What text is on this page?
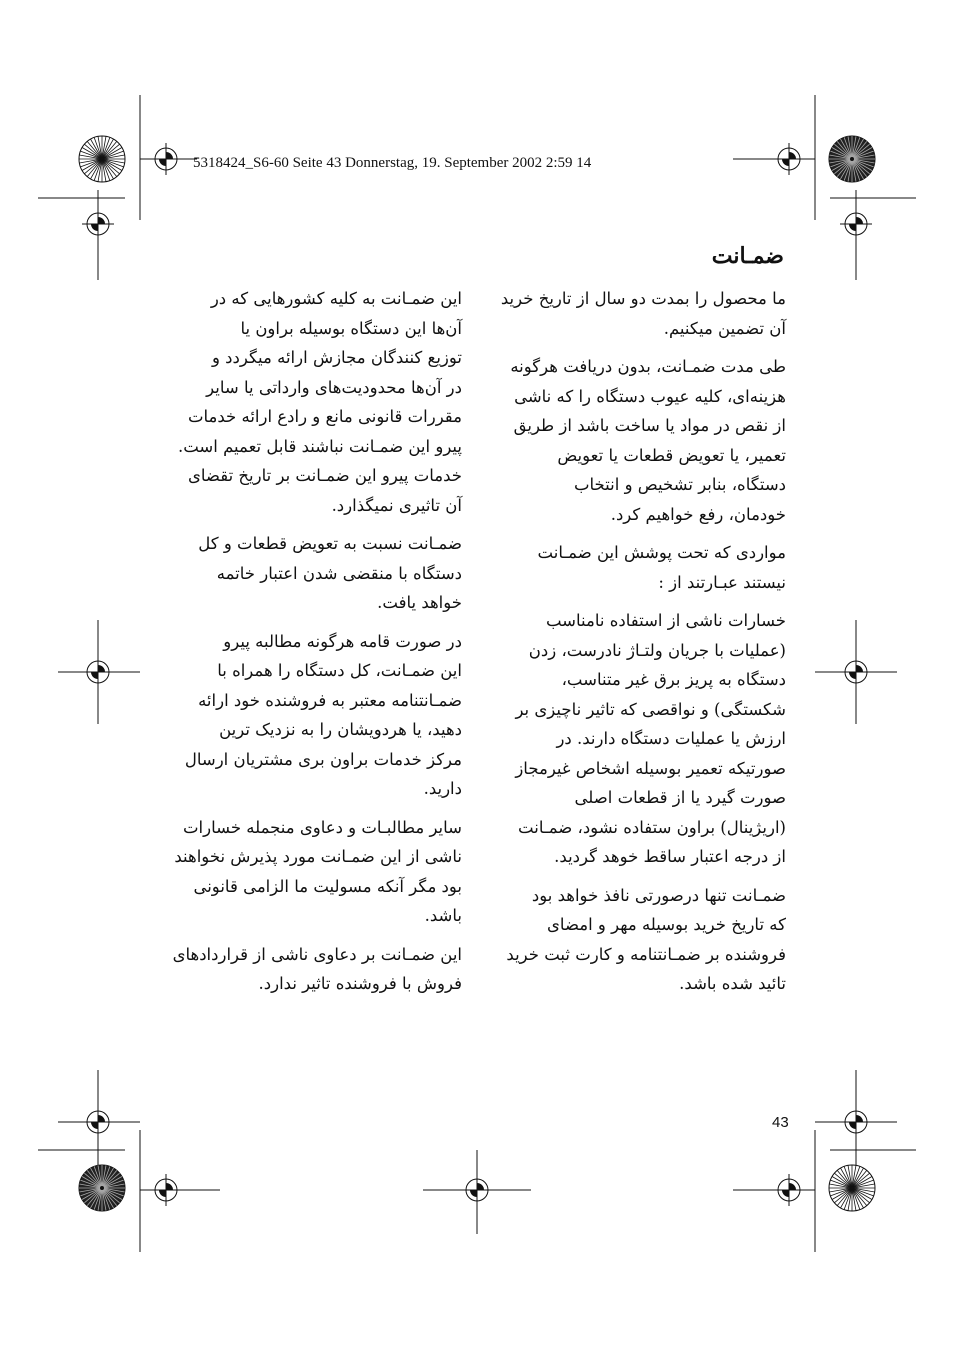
5318424_S6-60 Seite 43 Donnerstag, 19. September 2002 2:59 14
ضمـانت

ما محصول را بمدت دو سال از تاریخ خرید
آن تضمین میکنیم.

طی مدت ضمـانت، بدون دریافت هرگونه
هزینه‌ای، کلیه عیوب دستگاه را که ناشی
از نقص در مواد یا ساخت باشد از طریق
تعمیر، یا تعویض قطعات یا تعویض
دستگاه، بنابر تشخیص و انتخاب
خودمان، رفع خواهیم کرد.

مواردی که تحت پوشش این ضمـانت
نیستند عبـارتند از :

خسارات ناشی از استفاده نامناسب
(عملیات با جریان ولتـاژ نادرست، زدن
دستگاه به پریز برق غیر متناسب،
شکستگی) و نواقصی که تاثیر ناچیزی بر
ارزش یا عملیات دستگاه دارند. در
صورتیکه تعمیر بوسیله اشخاص غیرمجاز
صورت گیرد یا از قطعات اصلی
(اریژینال) براون ستفاده نشود، ضمـانت
از درجه اعتبار ساقط خوهد گردید.

ضمـانت تنها درصورتی نافذ خواهد بود
که تاریخ خرید بوسیله مهر و امضای
فروشنده بر ضمـانتنامه و کارت ثبت خرید
تائید شده باشد.

این ضمـانت به کلیه کشورهایی که در
آن‌ها این دستگاه بوسیله براون یا
توزیع کنندگان مجازش ارائه میگردد و
در آن‌ها محدودیت‌های وارداتی یا سایر
مقررات قانونی مانع و رادع ارائه خدمات
پیرو این ضمـانت نباشند قابل تعمیم است.
خدمات پیرو این ضمـانت بر تاریخ تقضای
آن تاثیری نمیگذارد.

ضمـانت نسبت به تعویض قطعات و کل
دستگاه با منقضی شدن اعتبار خاتمه
خواهد یافت.

در صورت قامه هرگونه مطالبه پیرو
این ضمـانت، کل دستگاه را همراه با
ضمـانتنامه معتبر به فروشنده خود ارائه
دهید، یا هردویشان را به نزدیک ترین
مرکز خدمات براون بری مشتریان ارسال
دارید.

سایر مطالبـات و دعاوی منجمله خسارات
ناشی از این ضمـانت مورد پذیرش نخواهند
بود مگر آنکه مسولیت ما الزامی قانونی
باشد.

این ضمـانت بر دعاوی ناشی از قراردادهای
فروش با فروشنده تاثیر ندارد.

43
